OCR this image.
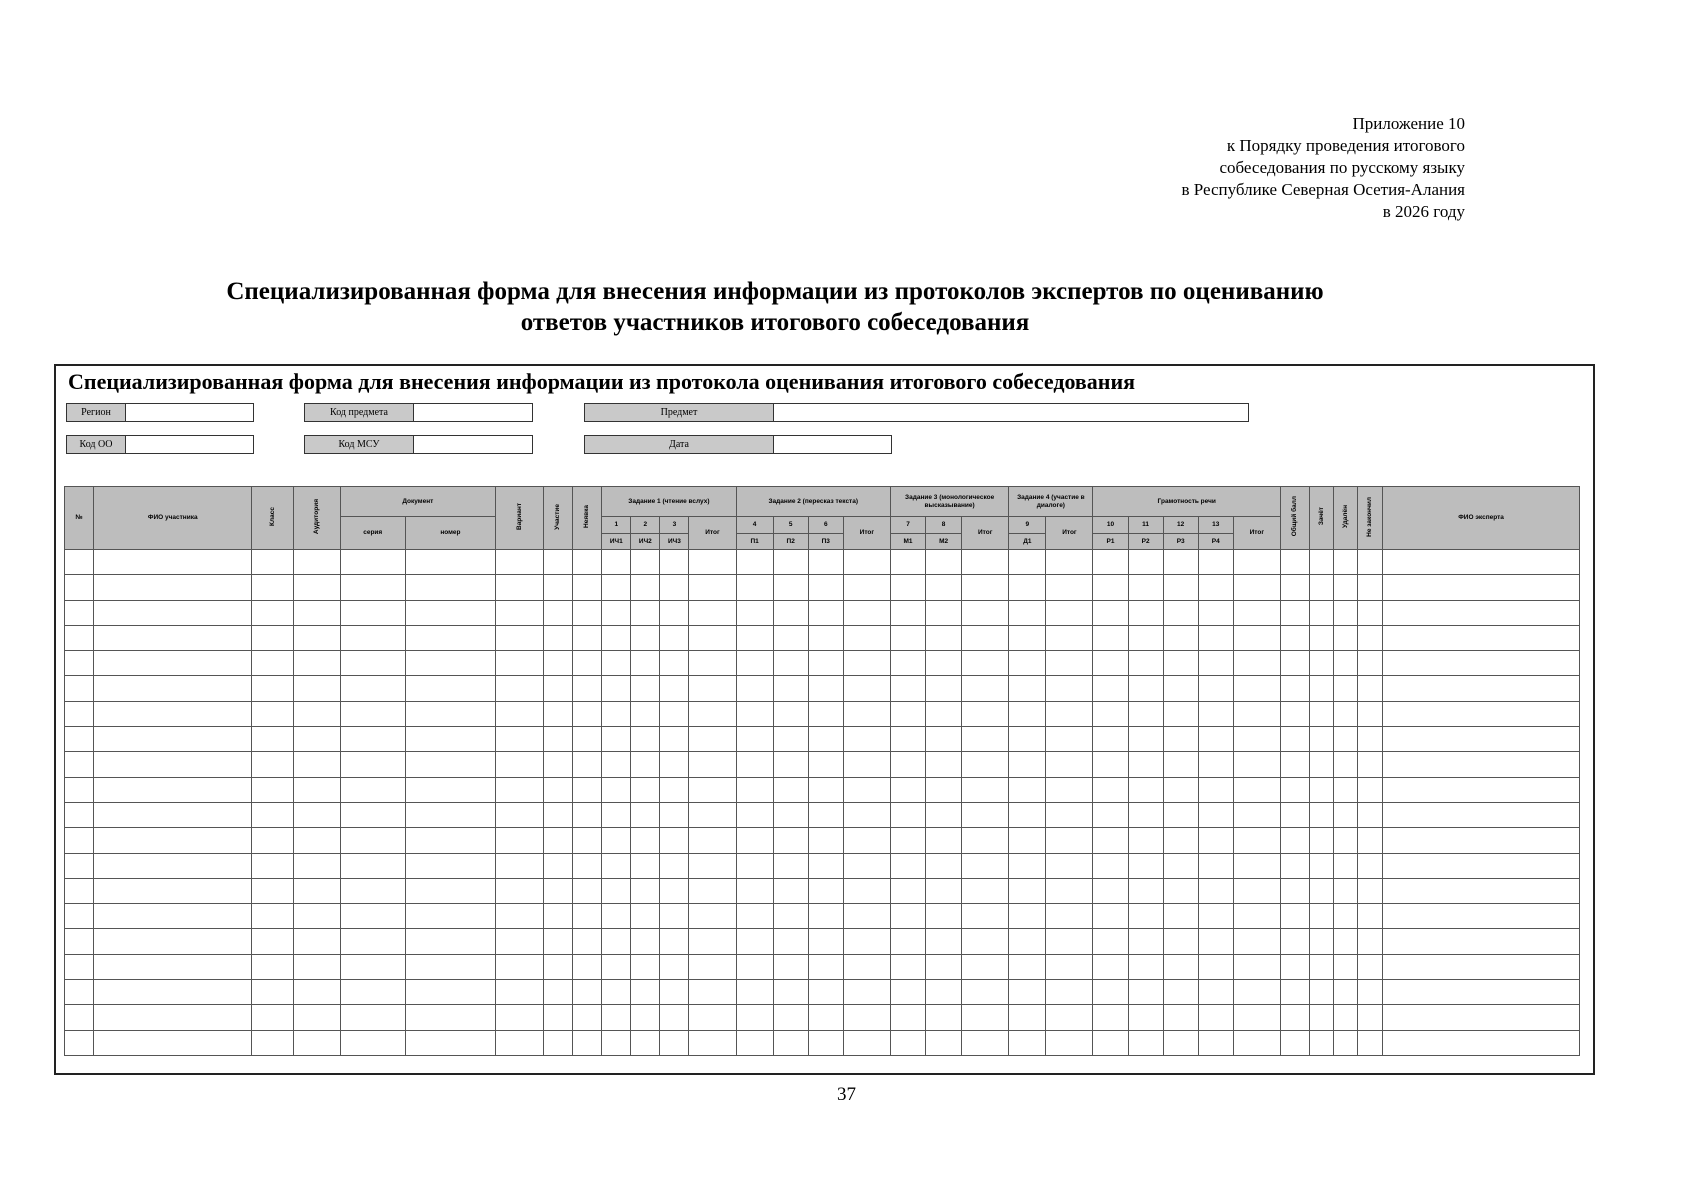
Приложение 10
к Порядку проведения итогового
собеседования по русскому языку
в Республике Северная Осетия-Алания
в 2026 году
Специализированная форма для внесения информации из протоколов экспертов по оцениванию
ответов участников итогового собеседования
Специализированная форма для внесения информации из протокола оценивания итогового собеседования
Регион	Код предмета	Предмет
Код ОО	Код МСУ	Дата
№	ФИО участника	Класс	Аудитория	Документ		Вариант	Участие	Неявка	Задание 1 (чтение вслух)				Задание 2 (пересказ текста)				Задание 3 (монологическое высказывание)			Задание 4 (участие в диалоге)		Грамотность речи					Общий балл	Зачёт	Удалён	Не закончил	ФИО эксперта
				серия	номер				1	2	3	Итог	4	5	6	Итог	7	8	Итог	9	Итог	10	11	12	13	Итог					
									ИЧ1	ИЧ2	ИЧ3		П1	П2	П3		М1	М2		Д1		Р1	Р2	Р3	Р4						

37
